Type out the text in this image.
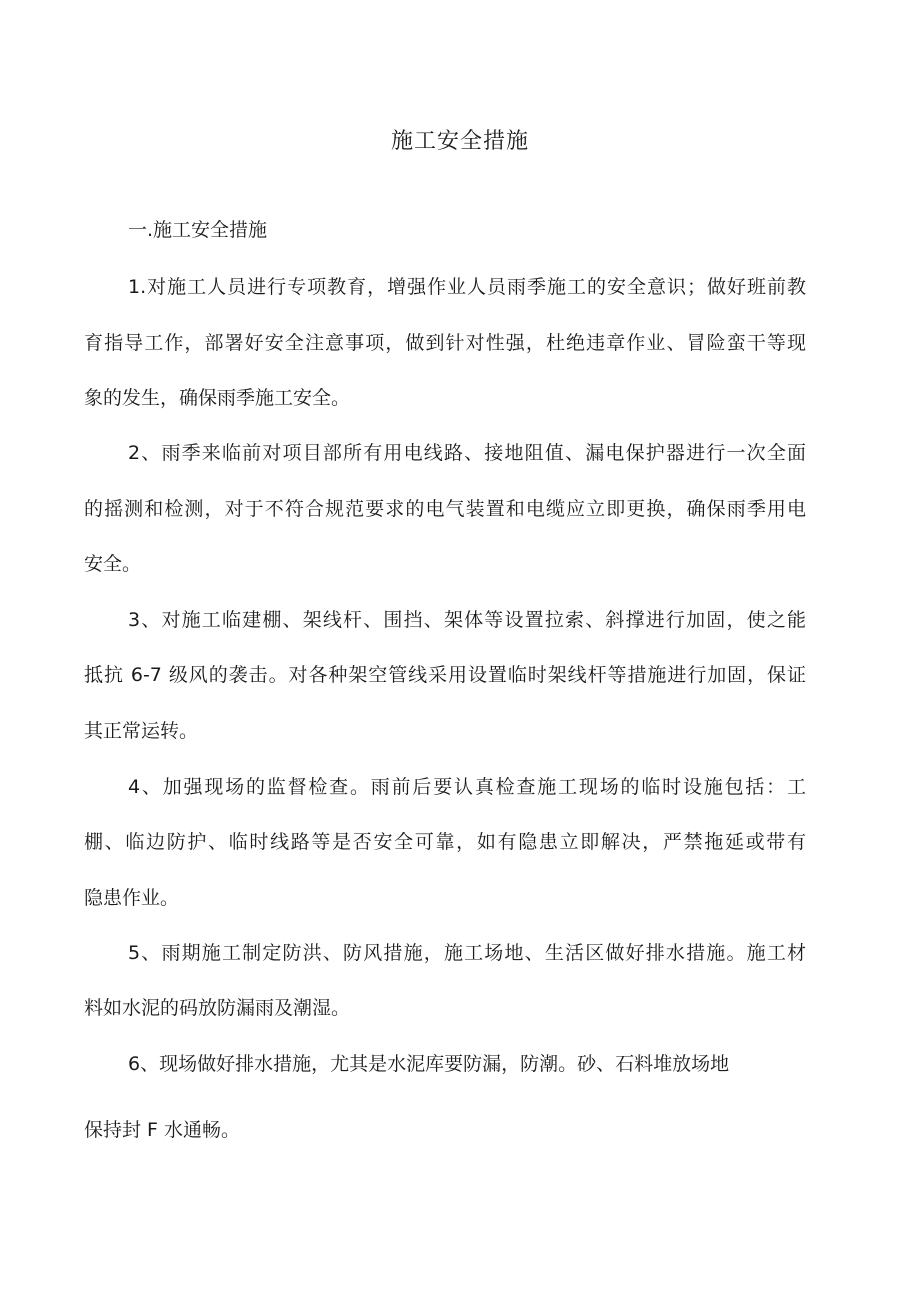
施工安全措施
一.施工安全措施

1.对施工人员进行专项教育，增强作业人员雨季施工的安全意识；做好班前教

育指导工作，部署好安全注意事项，做到针对性强，杜绝违章作业、冒险蛮干等现

象的发生，确保雨季施工安全。

2、雨季来临前对项目部所有用电线路、接地阻值、漏电保护器进行一次全面

的摇测和检测，对于不符合规范要求的电气装置和电缆应立即更换，确保雨季用电

安全。

3、对施工临建棚、架线杆、围挡、架体等设置拉索、斜撑进行加固，使之能

抵抗 6-7 级风的袭击。对各种架空管线采用设置临时架线杆等措施进行加固，保证

其正常运转。

4、加强现场的监督检查。雨前后要认真检查施工现场的临时设施包括：工

棚、临边防护、临时线路等是否安全可靠，如有隐患立即解决，严禁拖延或带有

隐患作业。

5、雨期施工制定防洪、防风措施，施工场地、生活区做好排水措施。施工材

料如水泥的码放防漏雨及潮湿。

6、现场做好排水措施，尤其是水泥库要防漏，防潮。砂、石料堆放场地

保持封 F 水通畅。
